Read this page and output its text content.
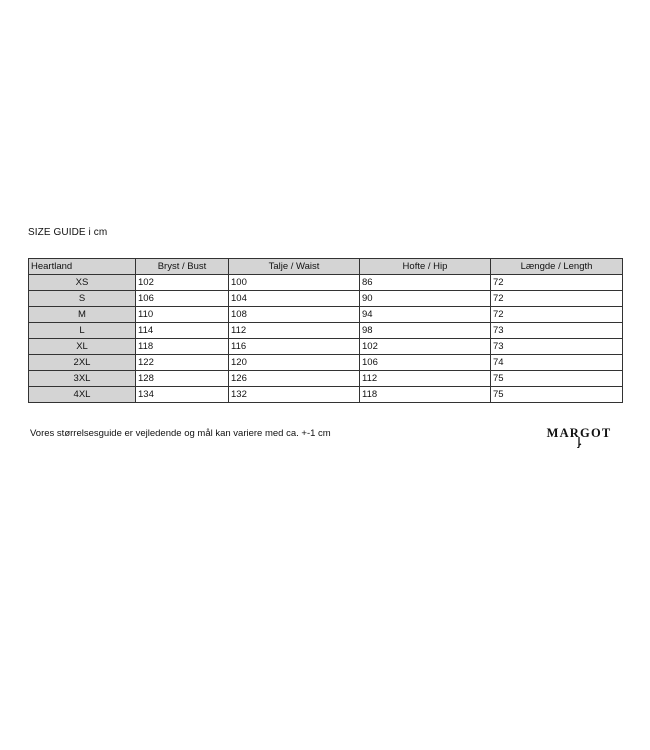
SIZE GUIDE i cm
Heartland	Bryst / Bust	Talje / Waist	Hofte / Hip	Længde / Length
XS	102	100	86	72
S	106	104	90	72
M	110	108	94	72
L	114	112	98	73
XL	118	116	102	73
2XL	122	120	106	74
3XL	128	126	112	75
4XL	134	132	118	75
Vores størrelsesguide er vejledende og mål kan variere med ca. +-1 cm	MARGOT
